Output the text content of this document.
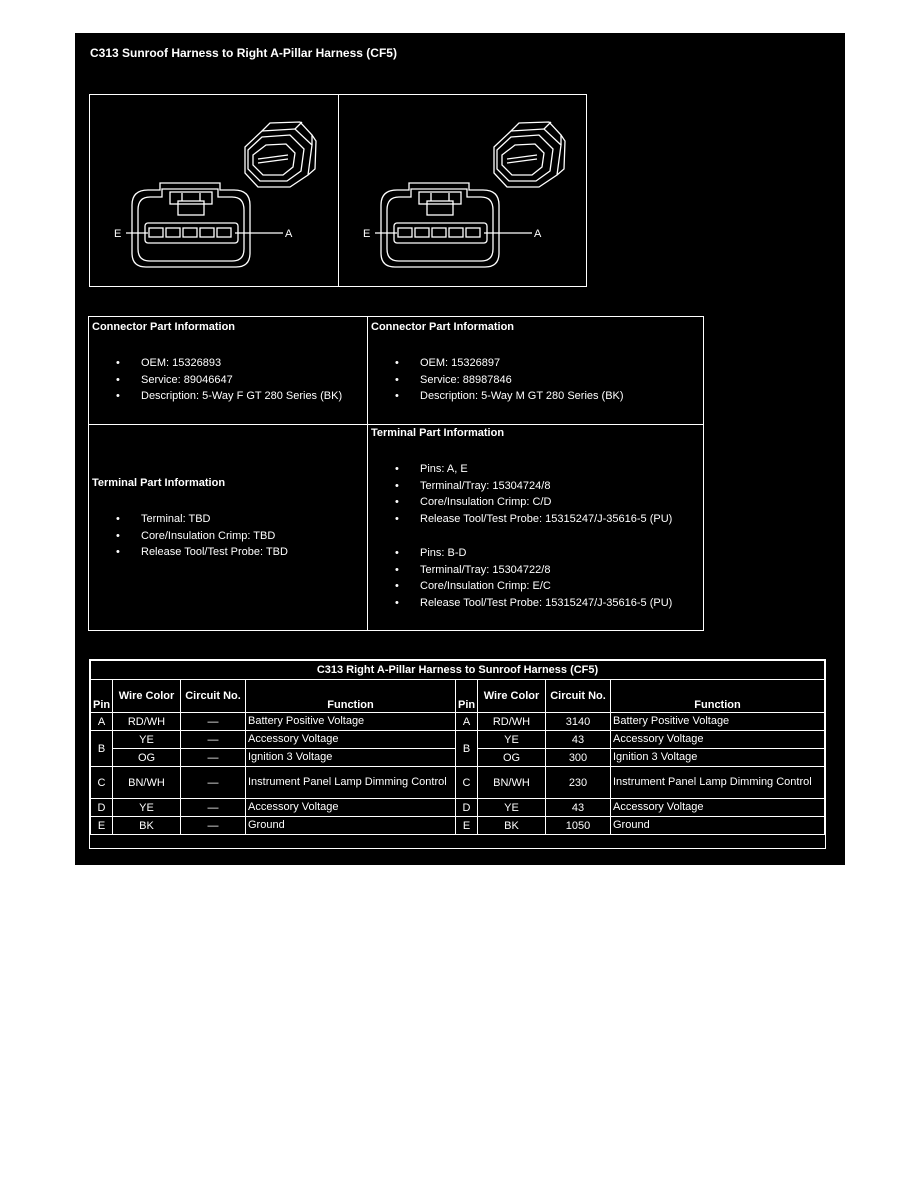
C313 Sunroof Harness to Right A-Pillar Harness (CF5)
E	A	E	A
Connector Part Information
• OEM: 15326893
• Service: 89046647
• Description: 5-Way F GT 280 Series (BK)
Connector Part Information
• OEM: 15326897
• Service: 88987846
• Description: 5-Way M GT 280 Series (BK)
Terminal Part Information
• Terminal: TBD
• Core/Insulation Crimp: TBD
• Release Tool/Test Probe: TBD
Terminal Part Information
• Pins: A, E
• Terminal/Tray: 15304724/8
• Core/Insulation Crimp: C/D
• Release Tool/Test Probe: 15315247/J-35616-5 (PU)
• Pins: B-D
• Terminal/Tray: 15304722/8
• Core/Insulation Crimp: E/C
• Release Tool/Test Probe: 15315247/J-35616-5 (PU)
C313 Right A-Pillar Harness to Sunroof Harness (CF5)							
Pin	Wire Color	Circuit No.	Function	Pin	Wire Color	Circuit No.	Function
A	RD/WH	—	Battery Positive Voltage	A	RD/WH	3140	Battery Positive Voltage
B	YE	—	Accessory Voltage	B	YE	43	Accessory Voltage
	OG	—	Ignition 3 Voltage		OG	300	Ignition 3 Voltage
C	BN/WH	—	Instrument Panel Lamp Dimming Control	C	BN/WH	230	Instrument Panel Lamp Dimming Control
D	YE	—	Accessory Voltage	D	YE	43	Accessory Voltage
E	BK	—	Ground	E	BK	1050	Ground
